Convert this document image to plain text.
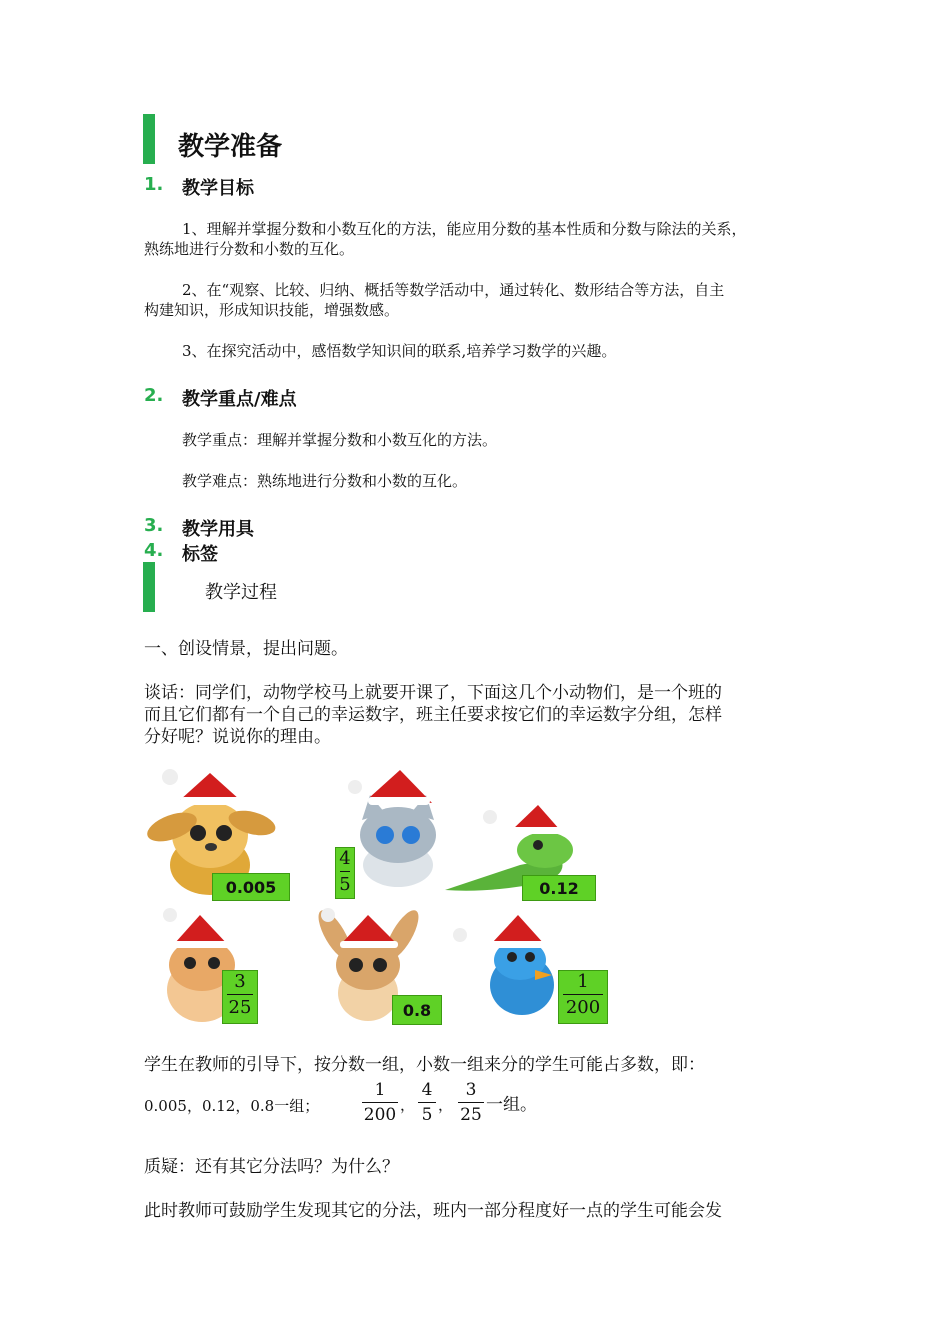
教学准备
1. 教学目标
1、理解并掌握分数和小数互化的方法，能应用分数的基本性质和分数与除法的关系，
熟练地进行分数和小数的互化。
2、在“观察、比较、归纳、概括等数学活动中，通过转化、数形结合等方法，自主
构建知识，形成知识技能，增强数感。
3、在探究活动中，感悟数学知识间的联系,培养学习数学的兴趣。
2. 教学重点/难点
教学重点：理解并掌握分数和小数互化的方法。
教学难点：熟练地进行分数和小数的互化。
3. 教学用具
4. 标签
教学过程
一、创设情景，提出问题。
谈话：同学们，动物学校马上就要开课了，下面这几个小动物们，是一个班的
而且它们都有一个自己的幸运数字，班主任要求按它们的幸运数字分组，怎样
分好呢？说说你的理由。
0.005
4
5	0.12
3
25	0.8
1
200
学生在教师的引导下，按分数一组，小数一组来分的学生可能占多数，即：
0.005，0.12，0.8一组；
1
200 ，
4
5 ，
3
25 一组。
质疑：还有其它分法吗？为什么？
此时教师可鼓励学生发现其它的分法，班内一部分程度好一点的学生可能会发
